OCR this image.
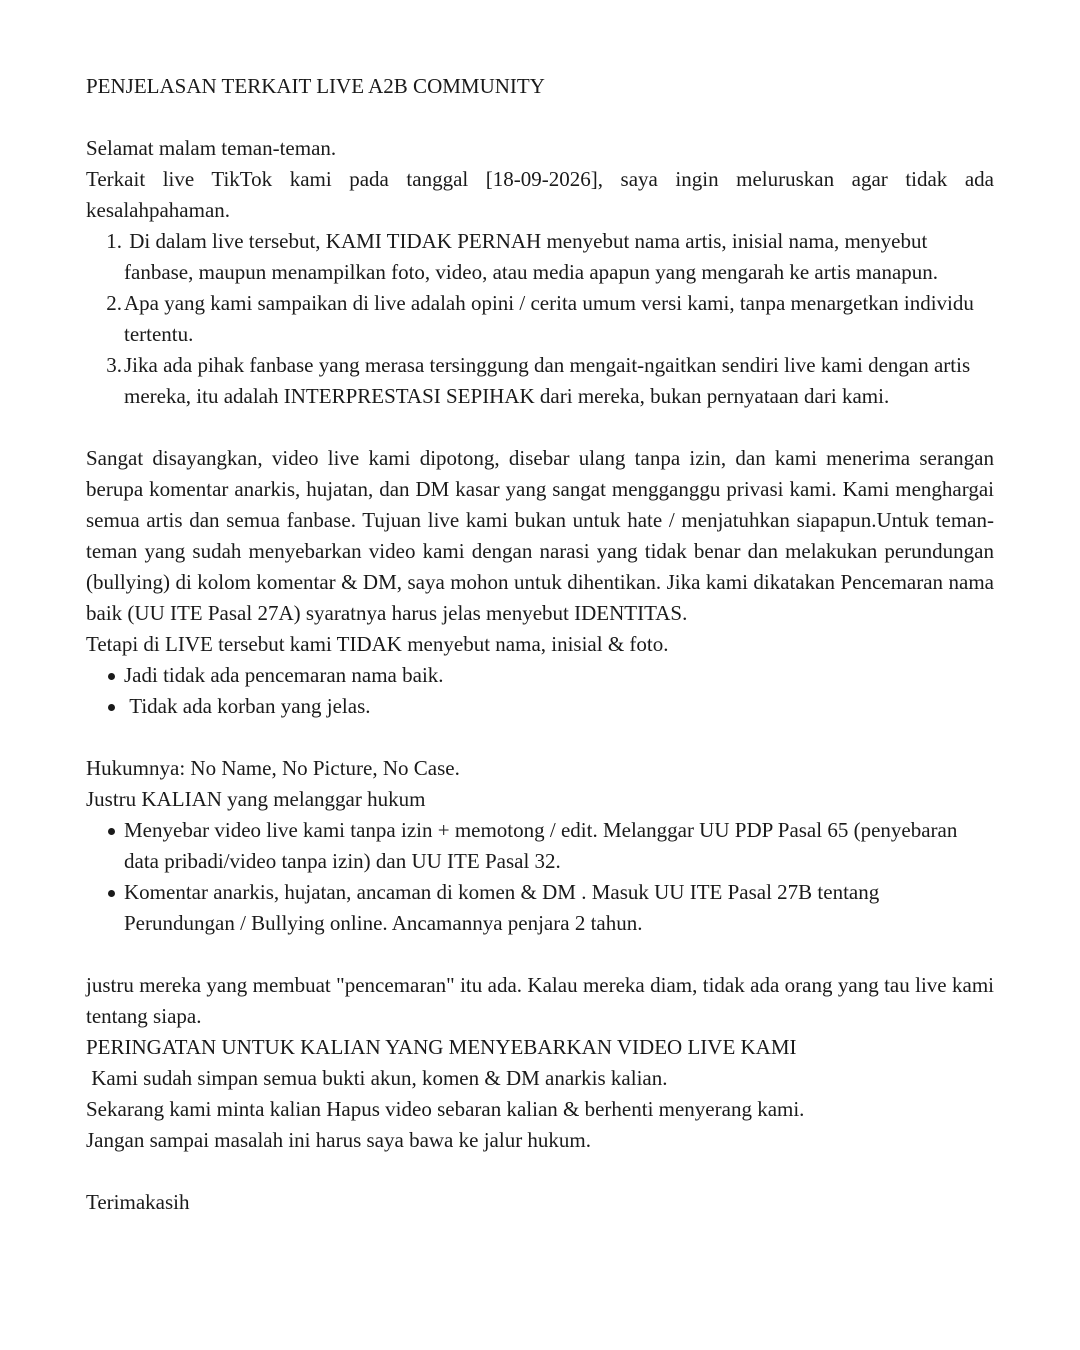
PENJELASAN TERKAIT LIVE A2B COMMUNITY

Selamat malam teman-teman.

Terkait live TikTok kami pada tanggal [18-09-2026], saya ingin meluruskan agar tidak ada kesalahpahaman.

1. Di dalam live tersebut, KAMI TIDAK PERNAH menyebut nama artis, inisial nama, menyebut  fanbase, maupun menampilkan foto, video, atau media apapun yang mengarah ke artis manapun.
2. Apa yang kami sampaikan di live adalah opini / cerita umum versi kami, tanpa menargetkan individu tertentu.
3. Jika ada pihak fanbase yang merasa tersinggung dan mengait-ngaitkan sendiri live kami dengan artis mereka, itu adalah INTERPRESTASI SEPIHAK dari mereka, bukan pernyataan dari kami.

Sangat disayangkan, video live kami dipotong, disebar ulang tanpa izin, dan kami menerima serangan berupa komentar anarkis, hujatan, dan DM kasar yang sangat mengganggu privasi kami. Kami menghargai semua artis dan semua fanbase. Tujuan live kami bukan untuk hate / menjatuhkan siapapun.Untuk teman-teman yang sudah menyebarkan video kami dengan narasi yang tidak benar dan melakukan perundungan (bullying) di kolom komentar & DM, saya mohon untuk dihentikan. Jika kami dikatakan Pencemaran nama baik (UU ITE Pasal 27A) syaratnya harus jelas menyebut IDENTITAS.

Tetapi di LIVE tersebut kami TIDAK menyebut nama, inisial & foto.

Jadi tidak ada pencemaran nama baik.
Tidak ada korban yang jelas.

Hukumnya: No Name, No Picture, No Case.

Justru KALIAN yang melanggar hukum

Menyebar video live kami tanpa izin + memotong / edit. Melanggar UU PDP Pasal 65 (penyebaran data pribadi/video tanpa izin) dan UU ITE Pasal 32.
Komentar anarkis, hujatan, ancaman di komen & DM . Masuk UU ITE Pasal 27B tentang Perundungan / Bullying online. Ancamannya penjara 2 tahun.

justru mereka yang membuat "pencemaran" itu ada. Kalau mereka diam, tidak ada orang yang tau live kami tentang siapa.

PERINGATAN UNTUK KALIAN YANG MENYEBARKAN VIDEO LIVE KAMI

Kami sudah simpan semua bukti akun, komen & DM anarkis kalian.

Sekarang kami minta kalian Hapus video sebaran kalian & berhenti menyerang kami.

Jangan sampai masalah ini harus saya bawa ke jalur hukum.

Terimakasih
